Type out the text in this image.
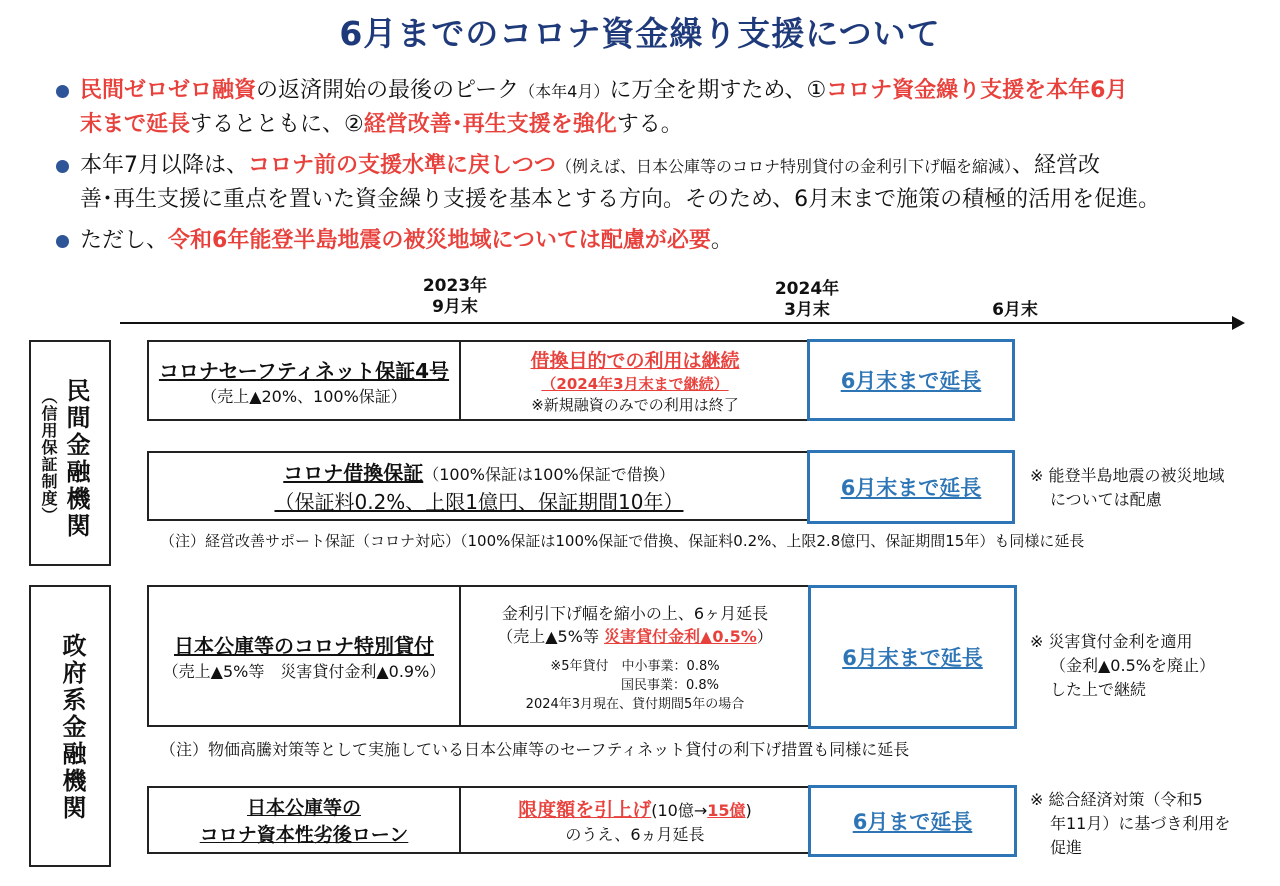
6月までのコロナ資金繰り支援について
民間ゼロゼロ融資の返済開始の最後のピーク（本年4月）に万全を期すため、①コロナ資金繰り支援を本年6月
末まで延長するとともに、②経営改善･再生支援を強化する。
本年7月以降は、コロナ前の支援水準に戻しつつ（例えば、日本公庫等のコロナ特別貸付の金利引下げ幅を縮減）、経営改
善･再生支援に重点を置いた資金繰り支援を基本とする方向。そのため、6月末まで施策の積極的活用を促進。
ただし、令和6年能登半島地震の被災地域については配慮が必要。
2023年
9月末
2024年
3月末	6月末
民間金融機関
（信用保証制度）
コロナセーフティネット保証4号
（売上▲20%、100%保証）
借換目的での利用は継続
（2024年3月末まで継続）
※新規融資のみでの利用は終了
6月末まで延長
コロナ借換保証（100%保証は100%保証で借換）
（保証料0.2%、上限1億円、保証期間10年）
6月末まで延長
※ 能登半島地震の被災地域
については配慮
（注）経営改善サポート保証（コロナ対応）（100%保証は100%保証で借換、保証料0.2%、上限2.8億円、保証期間15年）も同様に延長
政府系金融機関	日本公庫等のコロナ特別貸付
（売上▲5%等　災害貸付金利▲0.9%）
金利引下げ幅を縮小の上、6ヶ月延長
（売上▲5%等 災害貸付金利▲0.5%）
※5年貸付　中小事業：0.8%
国民事業：0.8%
2024年3月現在、貸付期間5年の場合
6月末まで延長
※ 災害貸付金利を適用
（金利▲0.5%を廃止）
した上で継続
（注）物価高騰対策等として実施している日本公庫等のセーフティネット貸付の利下げ措置も同様に延長
日本公庫等の
コロナ資本性劣後ローン
限度額を引上げ(10億→15億)
のうえ、6ヵ月延長
6月まで延長
※ 総合経済対策（令和5
年11月）に基づき利用を
促進
